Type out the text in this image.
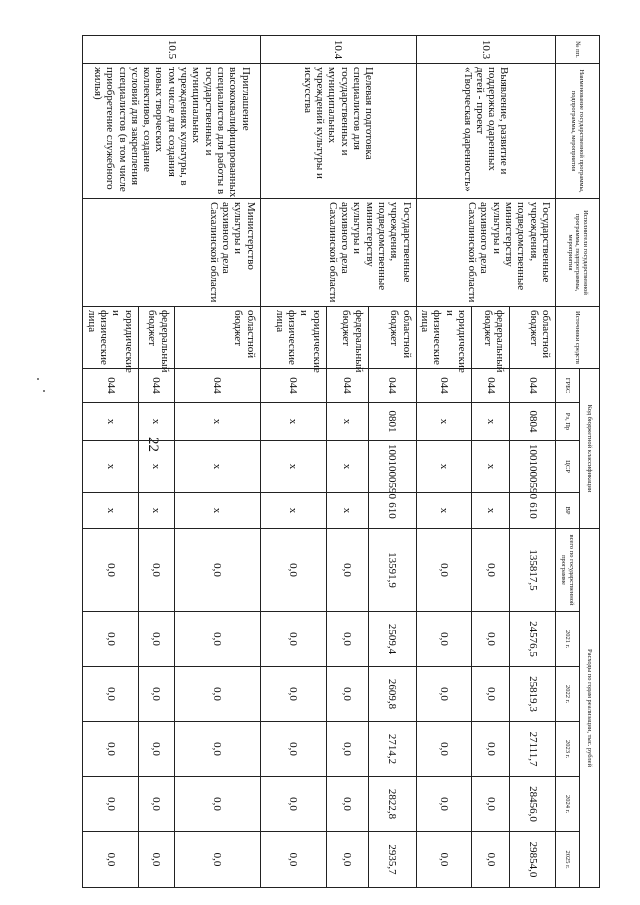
22
№ пп.	Наименование государственной программы, подпрограммы, мероприятия	Исполнители государственной программы, подпрограммы, мероприятия	Источники средств	Код бюджетной классификации				Расходы по годам реализации, тыс. рублей					
				ГРБС	Рз, Пр	ЦСР	ВР	всего по государственной программе	2021 г.	2022 г.	2023 г.	2024 г.	2025 г.
10.3	Выявление, развитие и поддержка одаренных детей - проект «Творческая одаренность»	Государственные учреждения, подведомственные министерству культуры и архивного дела Сахалинской области	областной бюджет	044	0804	1001000590	610	135817,5	24576,5	25819,3	27111,7	28456,0	29854,0
			федеральный бюджет	044	x	x	x	0,0	0,0	0,0	0,0	0,0	0,0
			юридические и физические лица	044	x	x	x	0,0	0,0	0,0	0,0	0,0	0,0
10.4	Целевая подготовка специалистов для государственных и муниципальных учреждений культуры и искусства	Государственные учреждения, подведомственные министерству культуры и архивного дела Сахалинской области	областной бюджет	044	0801	1001000590	610	13591,9	2509,4	2609,8	2714,2	2822,8	2935,7
			федеральный бюджет	044	x	x	x	0,0	0,0	0,0	0,0	0,0	0,0
			юридические и физические лица	044	x	x	x	0,0	0,0	0,0	0,0	0,0	0,0
10.5	Приглашение высококвалифицированных специалистов для работы в государственных и муниципальных учреждениях культуры, в том числе для создания новых творческих коллективов, создание условий для закрепления специалистов (в том числе приобретение служебного жилья)	Министерство культуры и архивного дела Сахалинской области	областной бюджет	044	x	x	x	0,0	0,0	0,0	0,0	0,0	0,0
			федеральный бюджет	044	x	x	x	0,0	0,0	0,0	0,0	0,0	0,0
			юридические и физические лица	044	x	x	x	0,0	0,0	0,0	0,0	0,0	0,0
